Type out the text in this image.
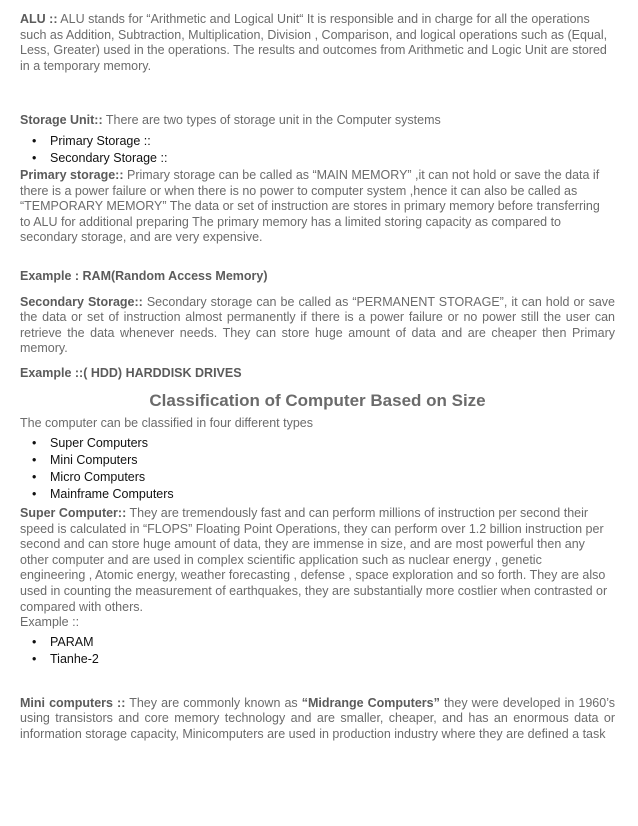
ALU :: ALU stands for “Arithmetic and Logical Unit“ It is responsible and in charge for all the operations such as Addition, Subtraction, Multiplication, Division , Comparison, and logical operations such as (Equal, Less, Greater) used in the operations. The results and outcomes from Arithmetic and Logic Unit are stored in a temporary memory.

Storage Unit:: There are two types of storage unit in the Computer systems

• Primary Storage ::
• Secondary Storage ::

Primary storage:: Primary storage can be called as “MAIN MEMORY” ,it can not hold or save the data if there is a power failure or when there is no power to computer system ,hence it can also be called as “TEMPORARY MEMORY” The data or set of instruction are stores in primary memory before transferring to ALU for additional preparing The primary memory has a limited storing capacity as compared to secondary storage, and are very expensive.

Example : RAM(Random Access Memory)

Secondary Storage:: Secondary storage can be called as “PERMANENT STORAGE”, it can hold or save the data or set of instruction almost permanently if there is a power failure or no power still the user can retrieve the data whenever needs. They can store huge amount of data and are cheaper then Primary memory.

Example ::( HDD) HARDDISK DRIVES

Classification of Computer Based on Size

The computer can be classified in four different types

• Super Computers
• Mini Computers
• Micro Computers
• Mainframe Computers

Super Computer:: They are tremendously fast and can perform millions of instruction per second their speed is calculated in “FLOPS” Floating Point Operations, they can perform over 1.2 billion instruction per second and can store huge amount of data, they are immense in size, and are most powerful then any other computer and are used in complex scientific application such as nuclear energy , genetic engineering , Atomic energy, weather forecasting , defense , space exploration and so forth. They are also used in counting the measurement of earthquakes, they are substantially more costlier when contrasted or compared with others.

Example ::

• PARAM
• Tianhe-2

Mini computers :: They are commonly known as “Midrange Computers” they were developed in 1960’s using transistors and core memory technology and are smaller, cheaper, and has an enormous data or information storage capacity, Minicomputers are used in production industry where they are defined a task
